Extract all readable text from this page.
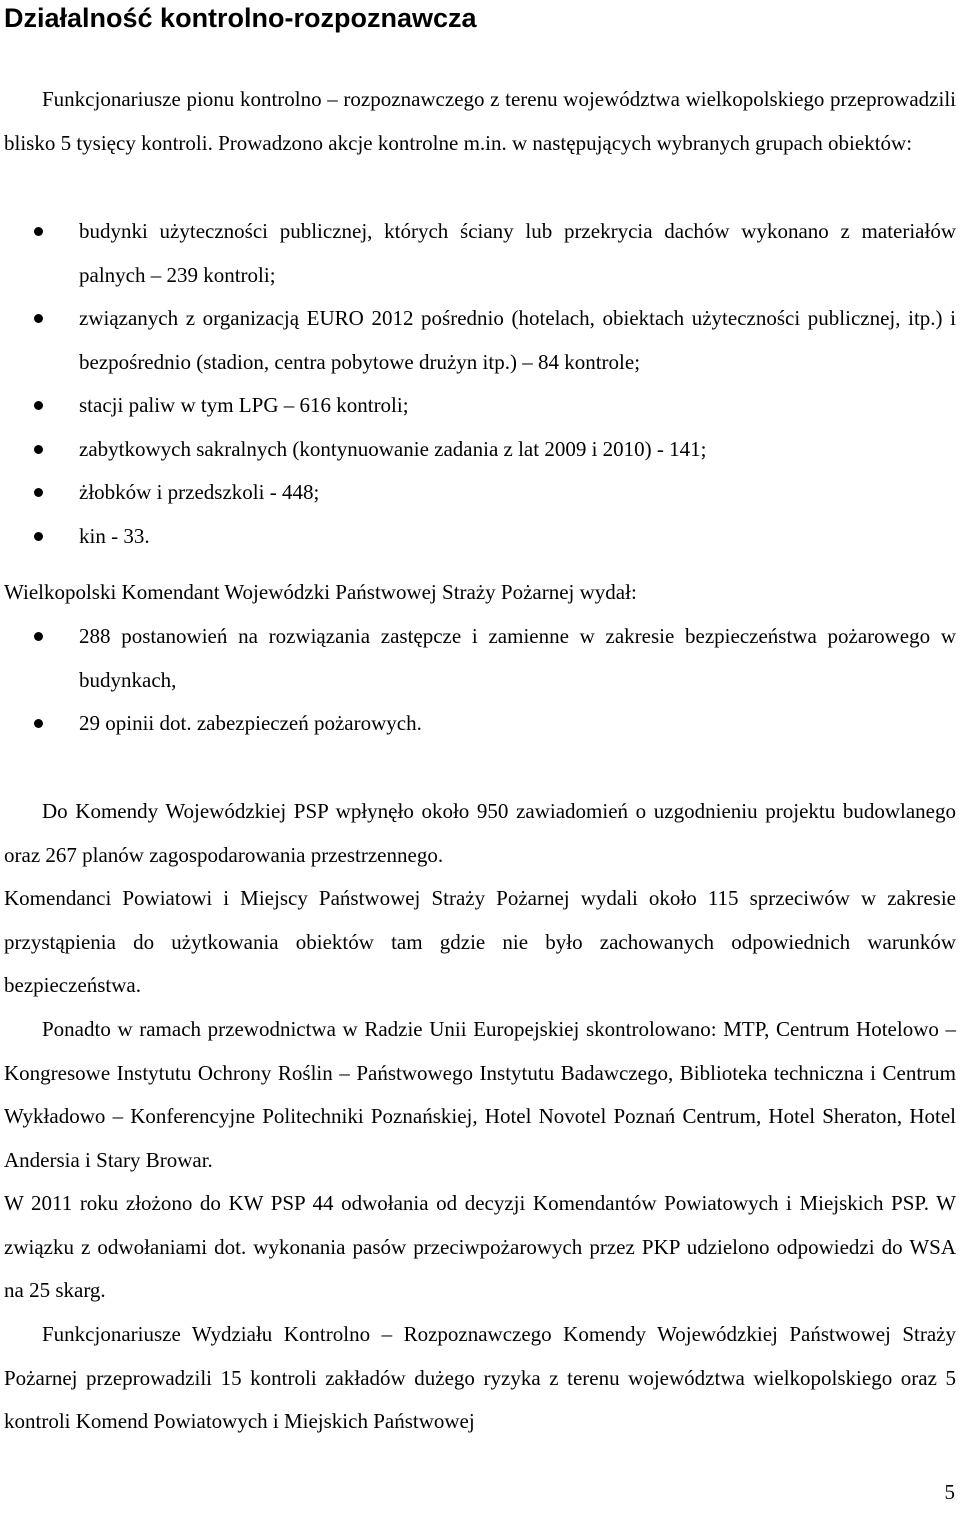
Działalność kontrolno-rozpoznawcza

Funkcjonariusze pionu kontrolno – rozpoznawczego z terenu województwa wielkopolskiego przeprowadzili blisko 5 tysięcy kontroli. Prowadzono akcje kontrolne m.in. w następujących wybranych grupach obiektów:

budynki użyteczności publicznej, których ściany lub przekrycia dachów wykonano z materiałów palnych – 239 kontroli;
związanych z organizacją EURO 2012 pośrednio (hotelach, obiektach użyteczności publicznej, itp.) i bezpośrednio (stadion, centra pobytowe drużyn itp.) – 84 kontrole;
stacji paliw w tym LPG – 616 kontroli;
zabytkowych sakralnych (kontynuowanie zadania z lat 2009 i 2010) - 141;
żłobków i przedszkoli - 448;
kin - 33.

Wielkopolski Komendant Wojewódzki Państwowej Straży Pożarnej wydał:

288 postanowień na rozwiązania zastępcze i zamienne w zakresie bezpieczeństwa pożarowego w budynkach,
29 opinii dot. zabezpieczeń pożarowych.

Do Komendy Wojewódzkiej PSP wpłynęło około 950 zawiadomień o uzgodnieniu projektu budowlanego oraz 267 planów zagospodarowania przestrzennego.

Komendanci Powiatowi i Miejscy Państwowej Straży Pożarnej wydali około 115 sprzeciwów w zakresie przystąpienia do użytkowania obiektów tam gdzie nie było zachowanych odpowiednich warunków bezpieczeństwa.

Ponadto w ramach przewodnictwa w Radzie Unii Europejskiej skontrolowano: MTP, Centrum Hotelowo – Kongresowe Instytutu Ochrony Roślin – Państwowego Instytutu Badawczego, Biblioteka techniczna i Centrum Wykładowo – Konferencyjne Politechniki Poznańskiej, Hotel Novotel Poznań Centrum, Hotel Sheraton, Hotel Andersia i Stary Browar.

W 2011 roku złożono do KW PSP 44 odwołania od decyzji Komendantów Powiatowych i Miejskich PSP. W związku z odwołaniami dot. wykonania pasów przeciwpożarowych przez PKP udzielono odpowiedzi do WSA na 25 skarg.

Funkcjonariusze Wydziału Kontrolno – Rozpoznawczego Komendy Wojewódzkiej Państwowej Straży Pożarnej przeprowadzili 15 kontroli zakładów dużego ryzyka z terenu województwa wielkopolskiego oraz 5 kontroli Komend Powiatowych i Miejskich Państwowej

5
